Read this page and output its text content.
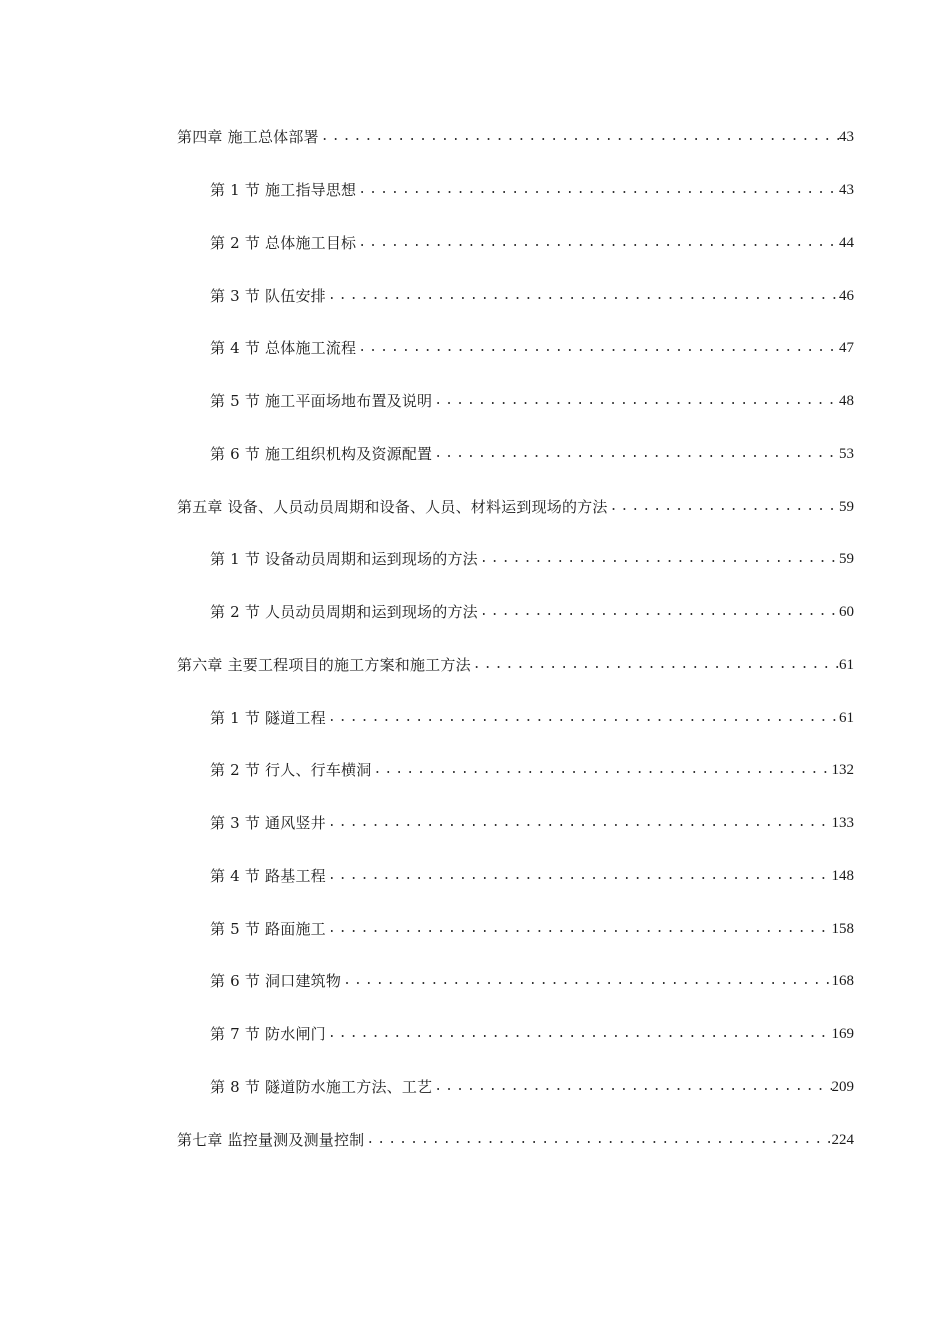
第四章 施工总体部署 .....	43
第 1 节 施工指导思想 .....	43
第 2 节 总体施工目标 .....	44
第 3 节 队伍安排 .....	46
第 4 节 总体施工流程 .....	47
第 5 节 施工平面场地布置及说明 .....	48
第 6 节 施工组织机构及资源配置 .....	53
第五章 设备、人员动员周期和设备、人员、材料运到现场的方法 .....	59
第 1 节 设备动员周期和运到现场的方法 .....	59
第 2 节 人员动员周期和运到现场的方法 .....	60
第六章 主要工程项目的施工方案和施工方法 .....	61
第 1 节 隧道工程 .....	61
第 2 节 行人、行车横洞 .....	132
第 3 节 通风竖井 .....	133
第 4 节 路基工程 .....	148
第 5 节 路面施工 .....	158
第 6 节 洞口建筑物 .....	168
第 7 节 防水闸门 .....	169
第 8 节 隧道防水施工方法、工艺 .....	209
第七章 监控量测及测量控制 .....	224
